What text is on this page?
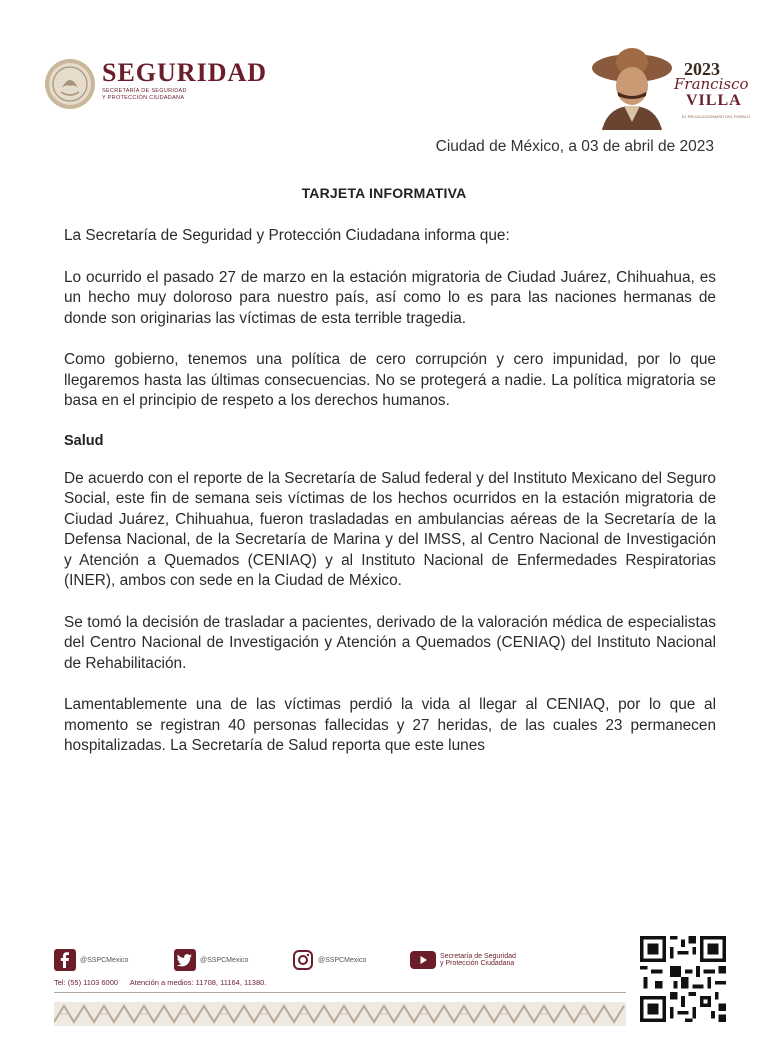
SEGURIDAD
SECRETARÍA DE SEGURIDAD
Y PROTECCIÓN CIUDADANA
2023
Francisco
VILLA
EL REVOLUCIONARIO DEL PUEBLO
Ciudad de México, a 03 de abril de 2023
TARJETA INFORMATIVA

La Secretaría de Seguridad y Protección Ciudadana informa que:

Lo ocurrido el pasado 27 de marzo en la estación migratoria de Ciudad Juárez, Chihuahua, es un hecho muy doloroso para nuestro país, así como lo es para las naciones hermanas de donde son originarias las víctimas de esta terrible tragedia.

Como gobierno, tenemos una política de cero corrupción y cero impunidad, por lo que llegaremos hasta las últimas consecuencias. No se protegerá a nadie. La política migratoria se basa en el principio de respeto a los derechos humanos.

Salud

De acuerdo con el reporte de la Secretaría de Salud federal y del Instituto Mexicano del Seguro Social, este fin de semana seis víctimas de los hechos ocurridos en la estación migratoria de Ciudad Juárez, Chihuahua, fueron trasladadas en ambulancias aéreas de la Secretaría de la Defensa Nacional, de la Secretaría de Marina y del IMSS, al Centro Nacional de Investigación y Atención a Quemados (CENIAQ) y al Instituto Nacional de Enfermedades Respiratorias (INER), ambos con sede en la Ciudad de México.

Se tomó la decisión de trasladar a pacientes, derivado de la valoración médica de especialistas del Centro Nacional de Investigación y Atención a Quemados (CENIAQ) del Instituto Nacional de Rehabilitación.

Lamentablemente una de las víctimas perdió la vida al llegar al CENIAQ, por lo que al momento se registran 40 personas fallecidas y 27 heridas, de las cuales 23 permanecen hospitalizadas. La Secretaría de Salud reporta que este lunes

@SSPCMexico	@SSPCMexico	@SSPCMexico	Secretaría de Seguridad
y Protección Ciudadana
Tel: (55) 1103 6000 Atención a medios: 11708, 11164, 11380.
